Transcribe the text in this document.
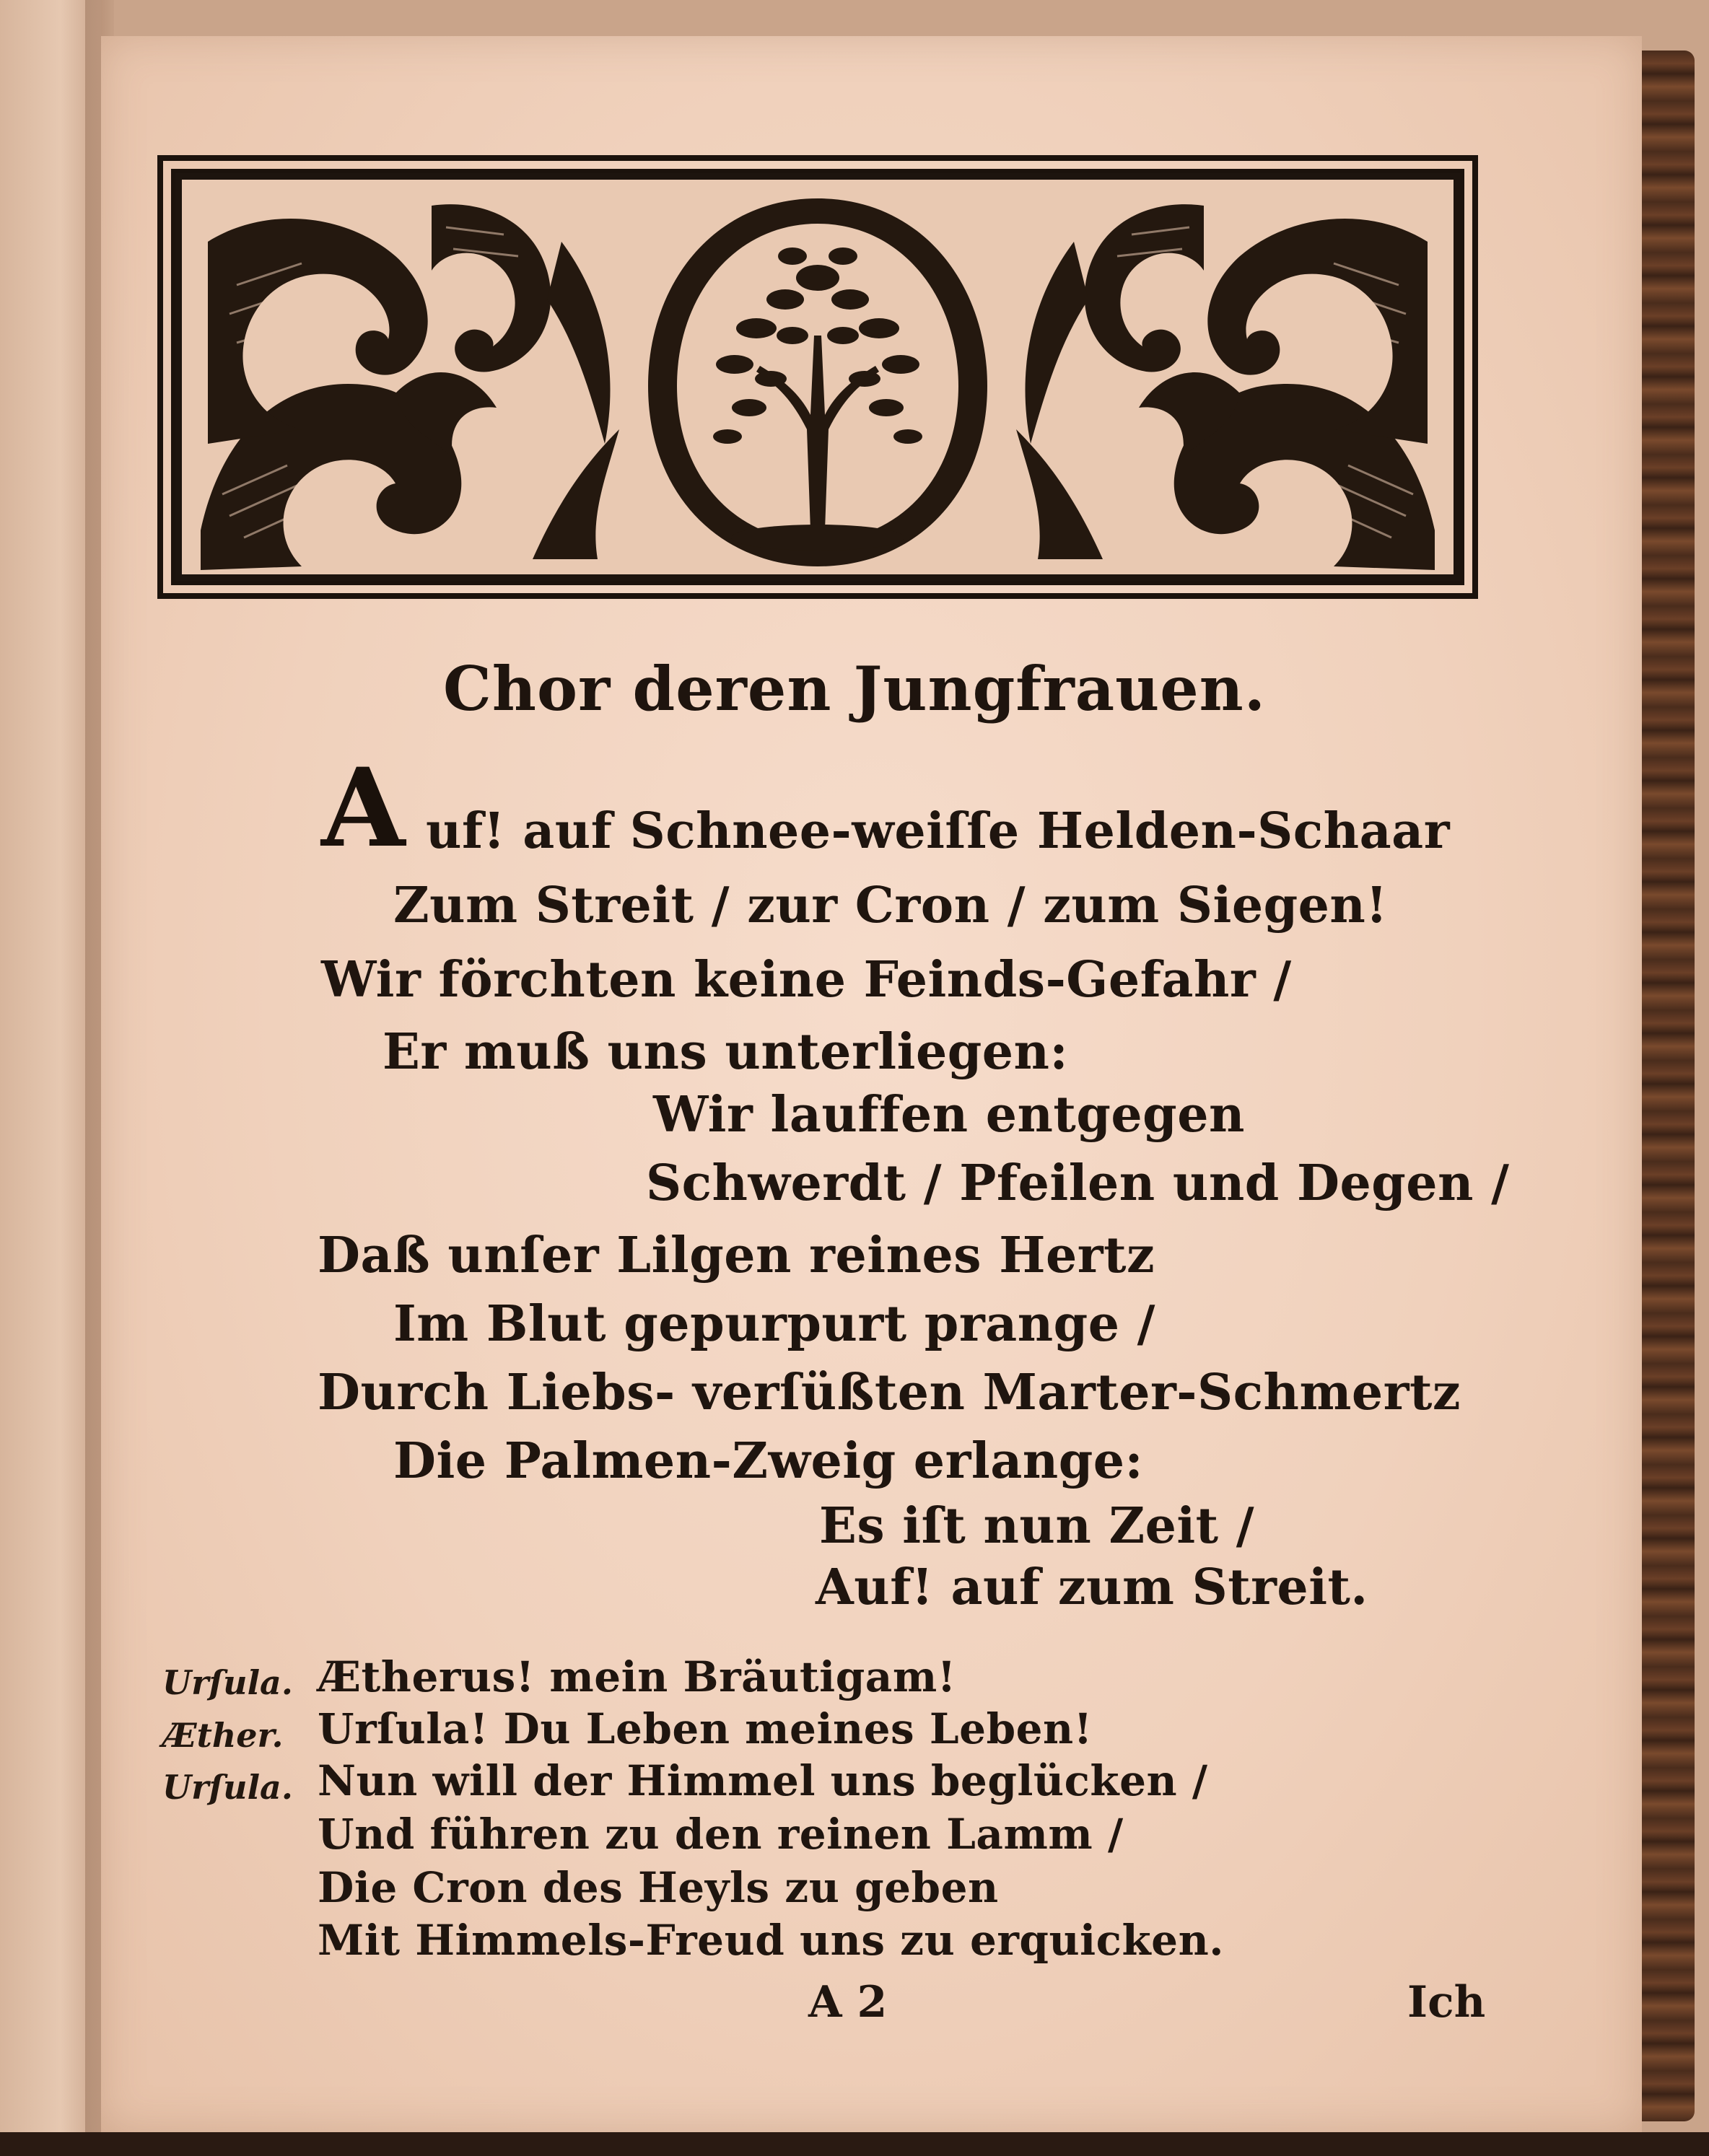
Chor deren Jungfrauen.
A uf! auf Schnee-weiſſe Helden-Schaar
Zum Streit / zur Cron / zum Siegen!
Wir förchten keine Feinds-Gefahr /
Er muß uns unterliegen:
Wir lauffen entgegen
Schwerdt / Pfeilen und Degen /
Daß unſer Lilgen reines Hertz
Im Blut gepurpurt prange /
Durch Liebs- verſüßten Marter-Schmertz
Die Palmen-Zweig erlange:
Es iſt nun Zeit /
Auf! auf zum Streit.
Urſula. Ætherus! mein Bräutigam!
Æther. Urſula! Du Leben meines Leben!
Urſula. Nun will der Himmel uns beglücken /
Und führen zu den reinen Lamm /
Die Cron des Heyls zu geben
Mit Himmels-Freud uns zu erquicken.
A 2	Ich
